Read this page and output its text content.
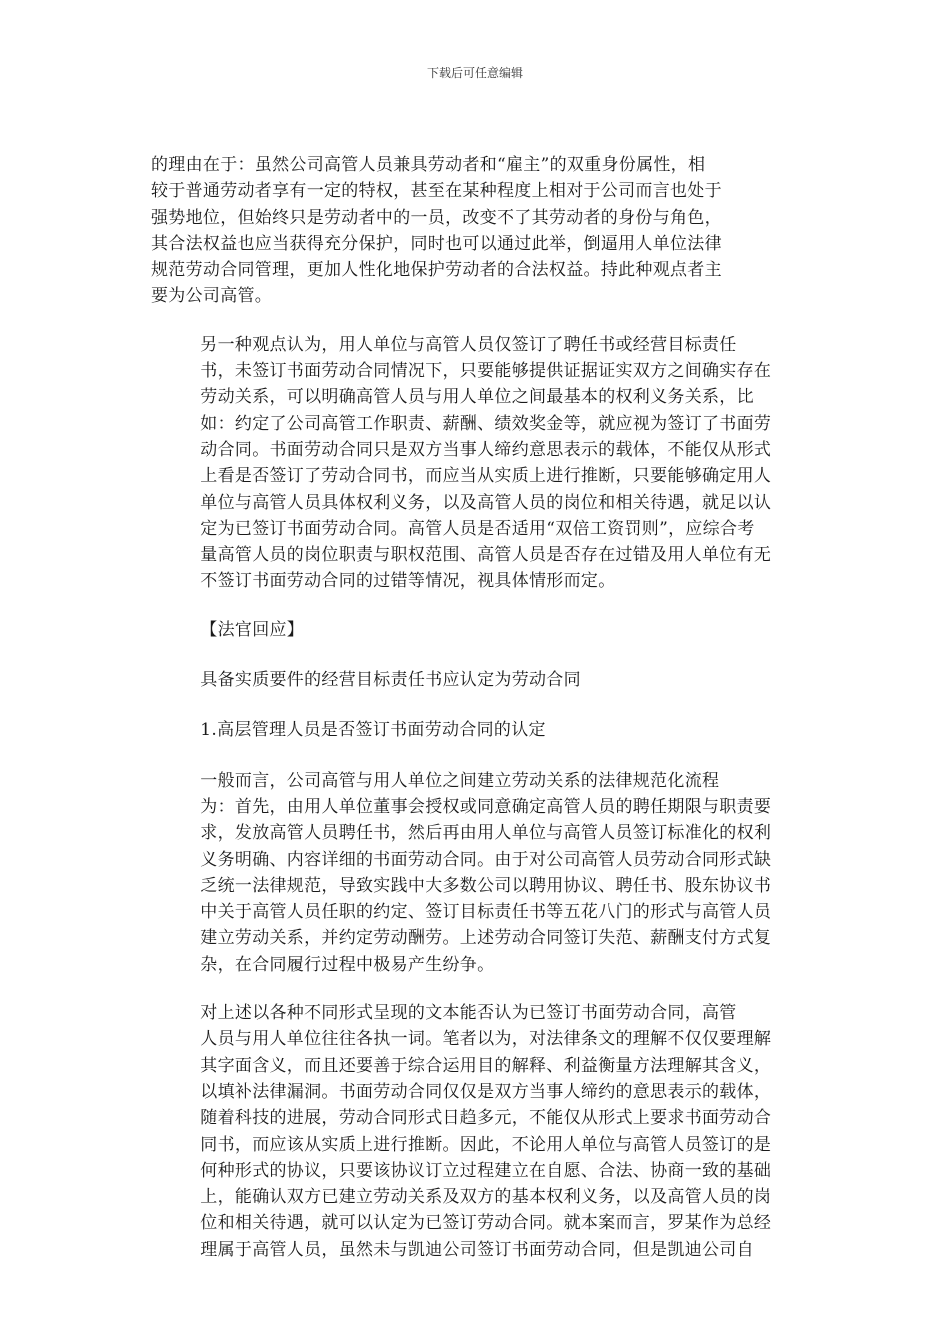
下载后可任意编辑

的理由在于：虽然公司高管人员兼具劳动者和“雇主”的双重身份属性，相
较于普通劳动者享有一定的特权，甚至在某种程度上相对于公司而言也处于
强势地位，但始终只是劳动者中的一员，改变不了其劳动者的身份与角色，
其合法权益也应当获得充分保护，同时也可以通过此举，倒逼用人单位法律
规范劳动合同管理，更加人性化地保护劳动者的合法权益。持此种观点者主
要为公司高管。

另一种观点认为，用人单位与高管人员仅签订了聘任书或经营目标责任
书，未签订书面劳动合同情况下，只要能够提供证据证实双方之间确实存在
劳动关系，可以明确高管人员与用人单位之间最基本的权利义务关系，比
如：约定了公司高管工作职责、薪酬、绩效奖金等，就应视为签订了书面劳
动合同。书面劳动合同只是双方当事人缔约意思表示的载体，不能仅从形式
上看是否签订了劳动合同书，而应当从实质上进行推断，只要能够确定用人
单位与高管人员具体权利义务，以及高管人员的岗位和相关待遇，就足以认
定为已签订书面劳动合同。高管人员是否适用“双倍工资罚则”，应综合考
量高管人员的岗位职责与职权范围、高管人员是否存在过错及用人单位有无
不签订书面劳动合同的过错等情况，视具体情形而定。

【法官回应】

具备实质要件的经营目标责任书应认定为劳动合同

1.高层管理人员是否签订书面劳动合同的认定

一般而言，公司高管与用人单位之间建立劳动关系的法律规范化流程
为：首先，由用人单位董事会授权或同意确定高管人员的聘任期限与职责要
求，发放高管人员聘任书，然后再由用人单位与高管人员签订标准化的权利
义务明确、内容详细的书面劳动合同。由于对公司高管人员劳动合同形式缺
乏统一法律规范，导致实践中大多数公司以聘用协议、聘任书、股东协议书
中关于高管人员任职的约定、签订目标责任书等五花八门的形式与高管人员
建立劳动关系，并约定劳动酬劳。上述劳动合同签订失范、薪酬支付方式复
杂，在合同履行过程中极易产生纷争。

对上述以各种不同形式呈现的文本能否认为已签订书面劳动合同，高管
人员与用人单位往往各执一词。笔者以为，对法律条文的理解不仅仅要理解
其字面含义，而且还要善于综合运用目的解释、利益衡量方法理解其含义，
以填补法律漏洞。书面劳动合同仅仅是双方当事人缔约的意思表示的载体，
随着科技的进展，劳动合同形式日趋多元，不能仅从形式上要求书面劳动合
同书，而应该从实质上进行推断。因此，不论用人单位与高管人员签订的是
何种形式的协议，只要该协议订立过程建立在自愿、合法、协商一致的基础
上，能确认双方已建立劳动关系及双方的基本权利义务，以及高管人员的岗
位和相关待遇，就可以认定为已签订劳动合同。就本案而言，罗某作为总经
理属于高管人员，虽然未与凯迪公司签订书面劳动合同，但是凯迪公司自
